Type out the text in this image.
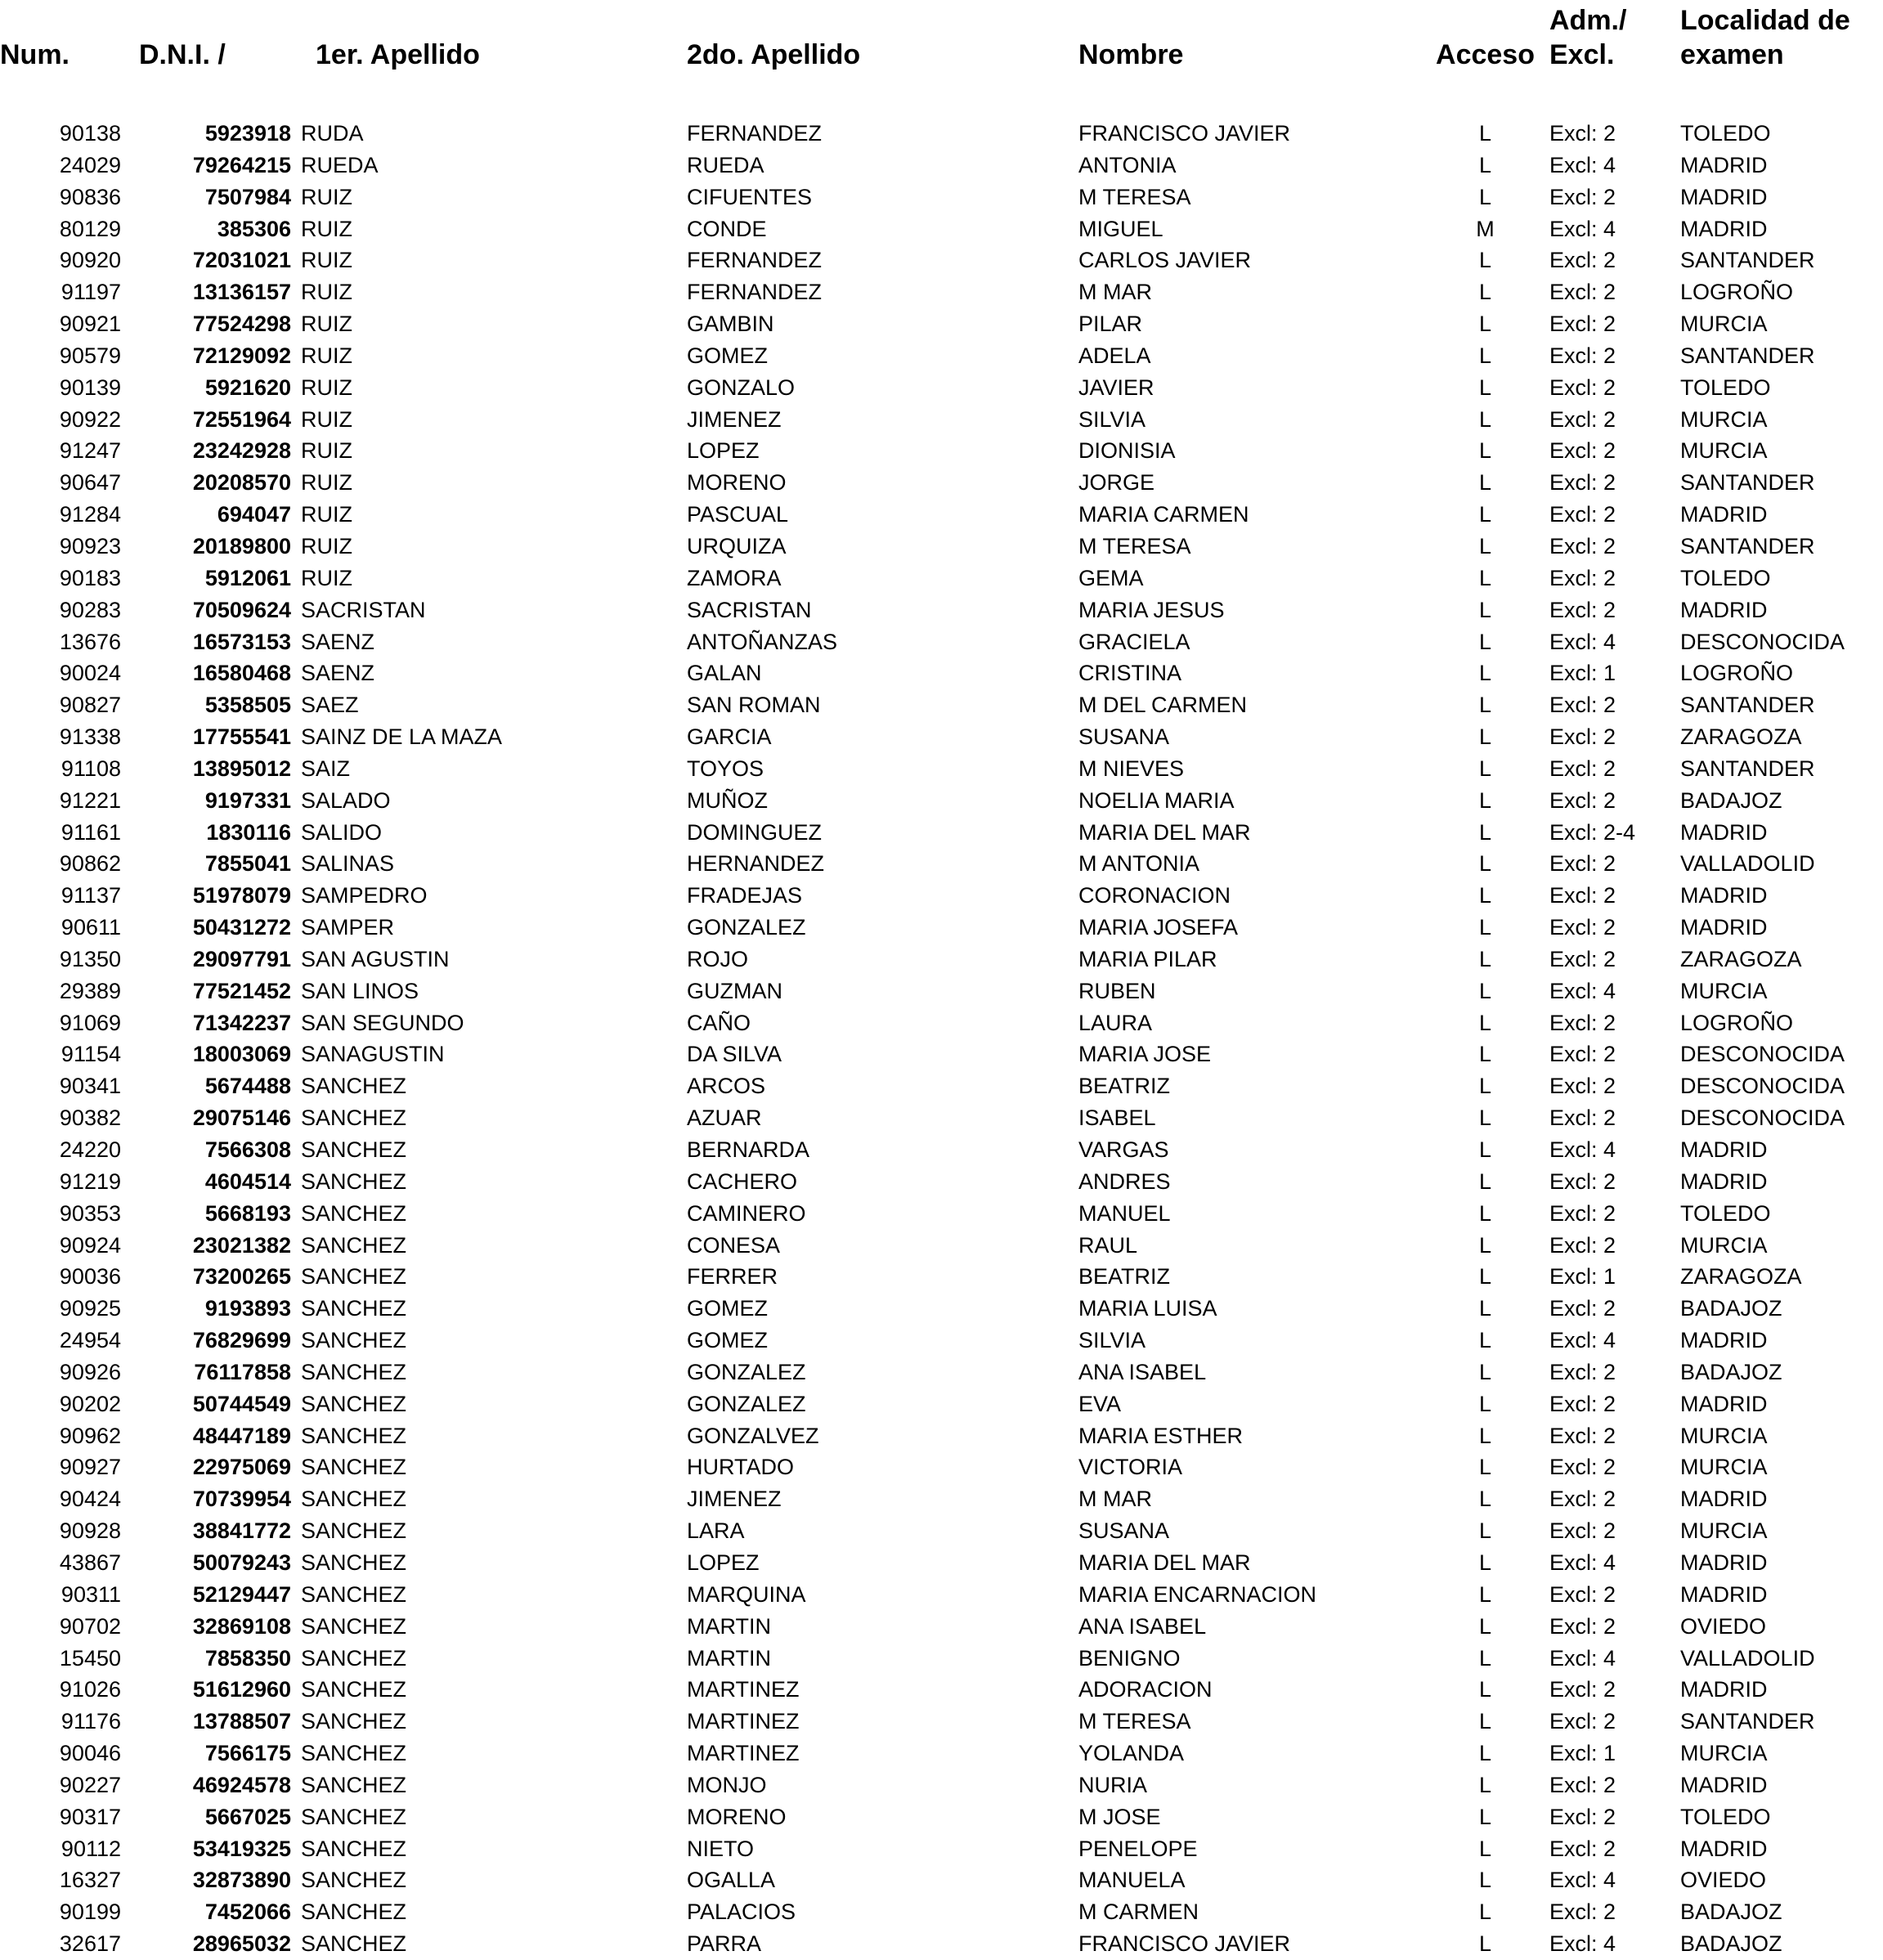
						Adm./	Localidad de
Num.	D.N.I. /	1er. Apellido	2do. Apellido	Nombre	Acceso	Excl.	examen

90138	5923918	RUDA	FERNANDEZ	FRANCISCO JAVIER	L	Excl: 2	TOLEDO
24029	79264215	RUEDA	RUEDA	ANTONIA	L	Excl: 4	MADRID
90836	7507984	RUIZ	CIFUENTES	M TERESA	L	Excl: 2	MADRID
80129	385306	RUIZ	CONDE	MIGUEL	M	Excl: 4	MADRID
90920	72031021	RUIZ	FERNANDEZ	CARLOS JAVIER	L	Excl: 2	SANTANDER
91197	13136157	RUIZ	FERNANDEZ	M MAR	L	Excl: 2	LOGROÑO
90921	77524298	RUIZ	GAMBIN	PILAR	L	Excl: 2	MURCIA
90579	72129092	RUIZ	GOMEZ	ADELA	L	Excl: 2	SANTANDER
90139	5921620	RUIZ	GONZALO	JAVIER	L	Excl: 2	TOLEDO
90922	72551964	RUIZ	JIMENEZ	SILVIA	L	Excl: 2	MURCIA
91247	23242928	RUIZ	LOPEZ	DIONISIA	L	Excl: 2	MURCIA
90647	20208570	RUIZ	MORENO	JORGE	L	Excl: 2	SANTANDER
91284	694047	RUIZ	PASCUAL	MARIA CARMEN	L	Excl: 2	MADRID
90923	20189800	RUIZ	URQUIZA	M TERESA	L	Excl: 2	SANTANDER
90183	5912061	RUIZ	ZAMORA	GEMA	L	Excl: 2	TOLEDO
90283	70509624	SACRISTAN	SACRISTAN	MARIA JESUS	L	Excl: 2	MADRID
13676	16573153	SAENZ	ANTOÑANZAS	GRACIELA	L	Excl: 4	DESCONOCIDA
90024	16580468	SAENZ	GALAN	CRISTINA	L	Excl: 1	LOGROÑO
90827	5358505	SAEZ	SAN ROMAN	M DEL CARMEN	L	Excl: 2	SANTANDER
91338	17755541	SAINZ DE LA MAZA	GARCIA	SUSANA	L	Excl: 2	ZARAGOZA
91108	13895012	SAIZ	TOYOS	M NIEVES	L	Excl: 2	SANTANDER
91221	9197331	SALADO	MUÑOZ	NOELIA MARIA	L	Excl: 2	BADAJOZ
91161	1830116	SALIDO	DOMINGUEZ	MARIA DEL MAR	L	Excl: 2-4	MADRID
90862	7855041	SALINAS	HERNANDEZ	M ANTONIA	L	Excl: 2	VALLADOLID
91137	51978079	SAMPEDRO	FRADEJAS	CORONACION	L	Excl: 2	MADRID
90611	50431272	SAMPER	GONZALEZ	MARIA JOSEFA	L	Excl: 2	MADRID
91350	29097791	SAN AGUSTIN	ROJO	MARIA PILAR	L	Excl: 2	ZARAGOZA
29389	77521452	SAN LINOS	GUZMAN	RUBEN	L	Excl: 4	MURCIA
91069	71342237	SAN SEGUNDO	CAÑO	LAURA	L	Excl: 2	LOGROÑO
91154	18003069	SANAGUSTIN	DA SILVA	MARIA JOSE	L	Excl: 2	DESCONOCIDA
90341	5674488	SANCHEZ	ARCOS	BEATRIZ	L	Excl: 2	DESCONOCIDA
90382	29075146	SANCHEZ	AZUAR	ISABEL	L	Excl: 2	DESCONOCIDA
24220	7566308	SANCHEZ	BERNARDA	VARGAS	L	Excl: 4	MADRID
91219	4604514	SANCHEZ	CACHERO	ANDRES	L	Excl: 2	MADRID
90353	5668193	SANCHEZ	CAMINERO	MANUEL	L	Excl: 2	TOLEDO
90924	23021382	SANCHEZ	CONESA	RAUL	L	Excl: 2	MURCIA
90036	73200265	SANCHEZ	FERRER	BEATRIZ	L	Excl: 1	ZARAGOZA
90925	9193893	SANCHEZ	GOMEZ	MARIA LUISA	L	Excl: 2	BADAJOZ
24954	76829699	SANCHEZ	GOMEZ	SILVIA	L	Excl: 4	MADRID
90926	76117858	SANCHEZ	GONZALEZ	ANA ISABEL	L	Excl: 2	BADAJOZ
90202	50744549	SANCHEZ	GONZALEZ	EVA	L	Excl: 2	MADRID
90962	48447189	SANCHEZ	GONZALVEZ	MARIA ESTHER	L	Excl: 2	MURCIA
90927	22975069	SANCHEZ	HURTADO	VICTORIA	L	Excl: 2	MURCIA
90424	70739954	SANCHEZ	JIMENEZ	M MAR	L	Excl: 2	MADRID
90928	38841772	SANCHEZ	LARA	SUSANA	L	Excl: 2	MURCIA
43867	50079243	SANCHEZ	LOPEZ	MARIA DEL MAR	L	Excl: 4	MADRID
90311	52129447	SANCHEZ	MARQUINA	MARIA ENCARNACION	L	Excl: 2	MADRID
90702	32869108	SANCHEZ	MARTIN	ANA ISABEL	L	Excl: 2	OVIEDO
15450	7858350	SANCHEZ	MARTIN	BENIGNO	L	Excl: 4	VALLADOLID
91026	51612960	SANCHEZ	MARTINEZ	ADORACION	L	Excl: 2	MADRID
91176	13788507	SANCHEZ	MARTINEZ	M TERESA	L	Excl: 2	SANTANDER
90046	7566175	SANCHEZ	MARTINEZ	YOLANDA	L	Excl: 1	MURCIA
90227	46924578	SANCHEZ	MONJO	NURIA	L	Excl: 2	MADRID
90317	5667025	SANCHEZ	MORENO	M JOSE	L	Excl: 2	TOLEDO
90112	53419325	SANCHEZ	NIETO	PENELOPE	L	Excl: 2	MADRID
16327	32873890	SANCHEZ	OGALLA	MANUELA	L	Excl: 4	OVIEDO
90199	7452066	SANCHEZ	PALACIOS	M CARMEN	L	Excl: 2	BADAJOZ
32617	28965032	SANCHEZ	PARRA	FRANCISCO JAVIER	L	Excl: 4	BADAJOZ
